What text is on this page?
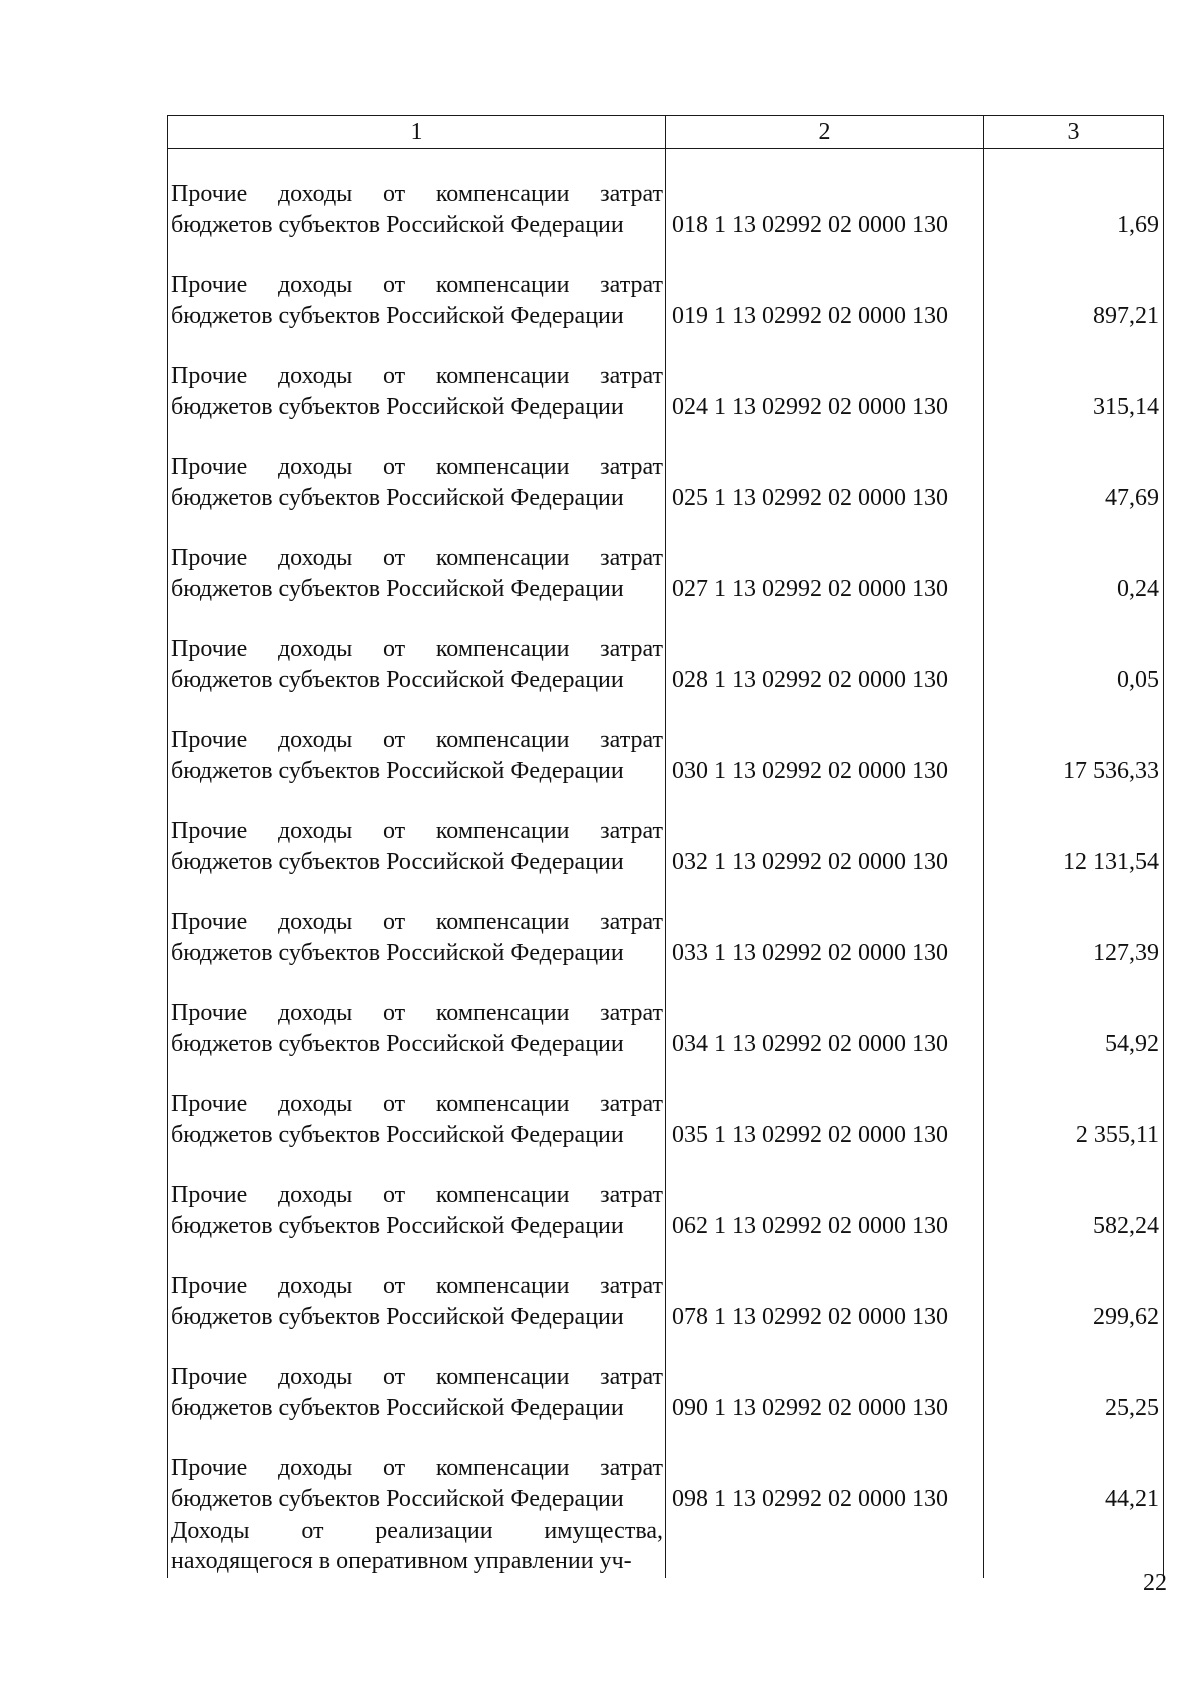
1	2	3
Прочие доходы от компенсации затрат бюджетов субъектов Российской Федерации	018 1 13 02992 02 0000 130	1,69
Прочие доходы от компенсации затрат бюджетов субъектов Российской Федерации	019 1 13 02992 02 0000 130	897,21
Прочие доходы от компенсации затрат бюджетов субъектов Российской Федерации	024 1 13 02992 02 0000 130	315,14
Прочие доходы от компенсации затрат бюджетов субъектов Российской Федерации	025 1 13 02992 02 0000 130	47,69
Прочие доходы от компенсации затрат бюджетов субъектов Российской Федерации	027 1 13 02992 02 0000 130	0,24
Прочие доходы от компенсации затрат бюджетов субъектов Российской Федерации	028 1 13 02992 02 0000 130	0,05
Прочие доходы от компенсации затрат бюджетов субъектов Российской Федерации	030 1 13 02992 02 0000 130	17 536,33
Прочие доходы от компенсации затрат бюджетов субъектов Российской Федерации	032 1 13 02992 02 0000 130	12 131,54
Прочие доходы от компенсации затрат бюджетов субъектов Российской Федерации	033 1 13 02992 02 0000 130	127,39
Прочие доходы от компенсации затрат бюджетов субъектов Российской Федерации	034 1 13 02992 02 0000 130	54,92
Прочие доходы от компенсации затрат бюджетов субъектов Российской Федерации	035 1 13 02992 02 0000 130	2 355,11
Прочие доходы от компенсации затрат бюджетов субъектов Российской Федерации	062 1 13 02992 02 0000 130	582,24
Прочие доходы от компенсации затрат бюджетов субъектов Российской Федерации	078 1 13 02992 02 0000 130	299,62
Прочие доходы от компенсации затрат бюджетов субъектов Российской Федерации	090 1 13 02992 02 0000 130	25,25
Прочие доходы от компенсации затрат бюджетов субъектов Российской Федерации	098 1 13 02992 02 0000 130	44,21
Доходы от реализации имущества, находящегося в оперативном управлении уч-		
22
